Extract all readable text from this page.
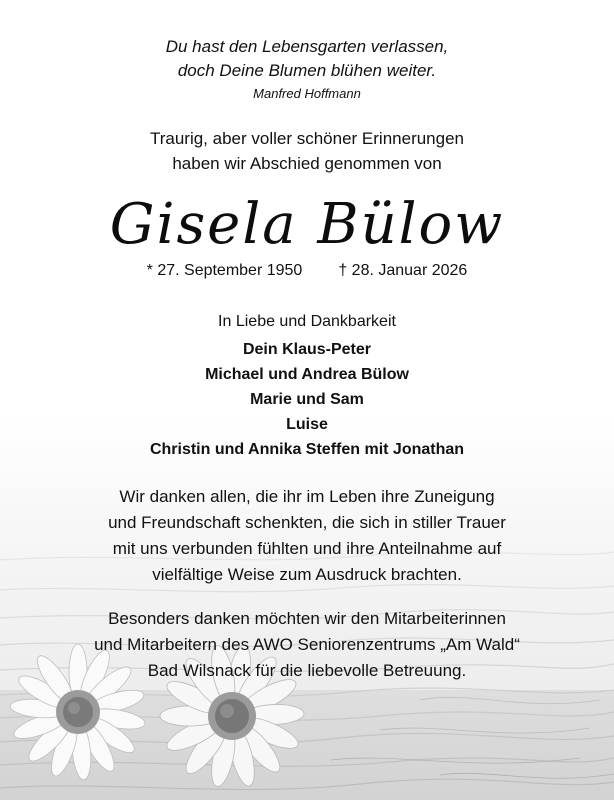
Du hast den Lebensgarten verlassen,

doch Deine Blumen blühen weiter.

Manfred Hoffmann

Traurig, aber voller schöner Erinnerungen

haben wir Abschied genommen von

Gisela Bülow

* 27. September 1950 † 28. Januar 2026

In Liebe und Dankbarkeit

Dein Klaus-Peter

Michael und Andrea Bülow

Marie und Sam

Luise

Christin und Annika Steffen mit Jonathan

Wir danken allen, die ihr im Leben ihre Zuneigung

und Freundschaft schenkten, die sich in stiller Trauer

mit uns verbunden fühlten und ihre Anteilnahme auf

vielfältige Weise zum Ausdruck brachten.

Besonders danken möchten wir den Mitarbeiterinnen

und Mitarbeitern des AWO Seniorenzentrums „Am Wald“

Bad Wilsnack für die liebevolle Betreuung.
